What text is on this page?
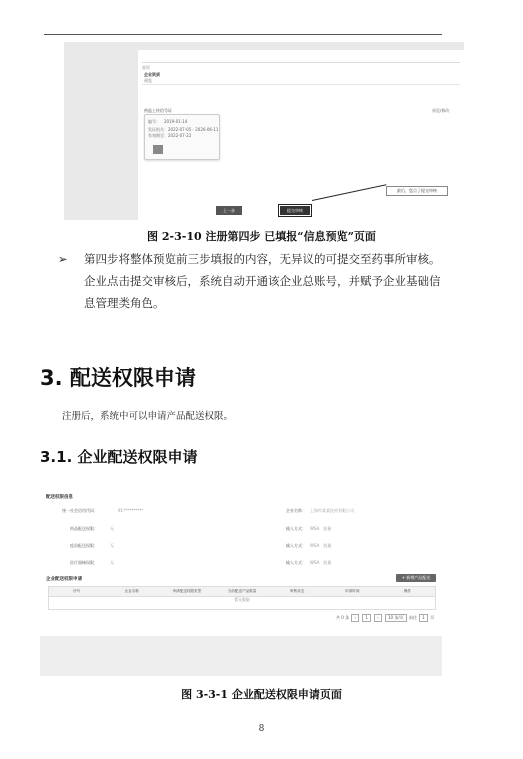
首页
企业资质
预览
药监上传信号证	预览/修改
编号：　2019-01-14
发证机关：2022-07-05 - 2026-06-11
有效期至：2022-07-22
最后，您点了提交审核
上一步	提交审核
图 2-3-10 注册第四步 已填报“信息预览”页面
➢ 第四步将整体预览前三步填报的内容，无异议的可提交至药事所审核。
企业点击提交审核后，系统自动开通该企业总账号，并赋予企业基础信
息管理类角色。
3. 配送权限申请
注册后，系统中可以申请产品配送权限。
3.1. 企业配送权限申请
配送权限信息
统一社会信用代码：	91**********	企业名称： 上海市某某医药有限公司
药品配送权限：	无	输入方式： WSA　批量
疫苗配送权限：	无	输入方式： WSA　批量
医疗器械权限：	无	输入方式： WSA　批量
企业配送权限申请	+ 新增产品配送
序号	企业名称	申请配送权限类型	当前配送产品数量	审核状态	申请时间	操作
暂无数据
共 0 条 ‹ 1 › 10 条/页 前往 1 页
图 3-3-1 企业配送权限申请页面
8
